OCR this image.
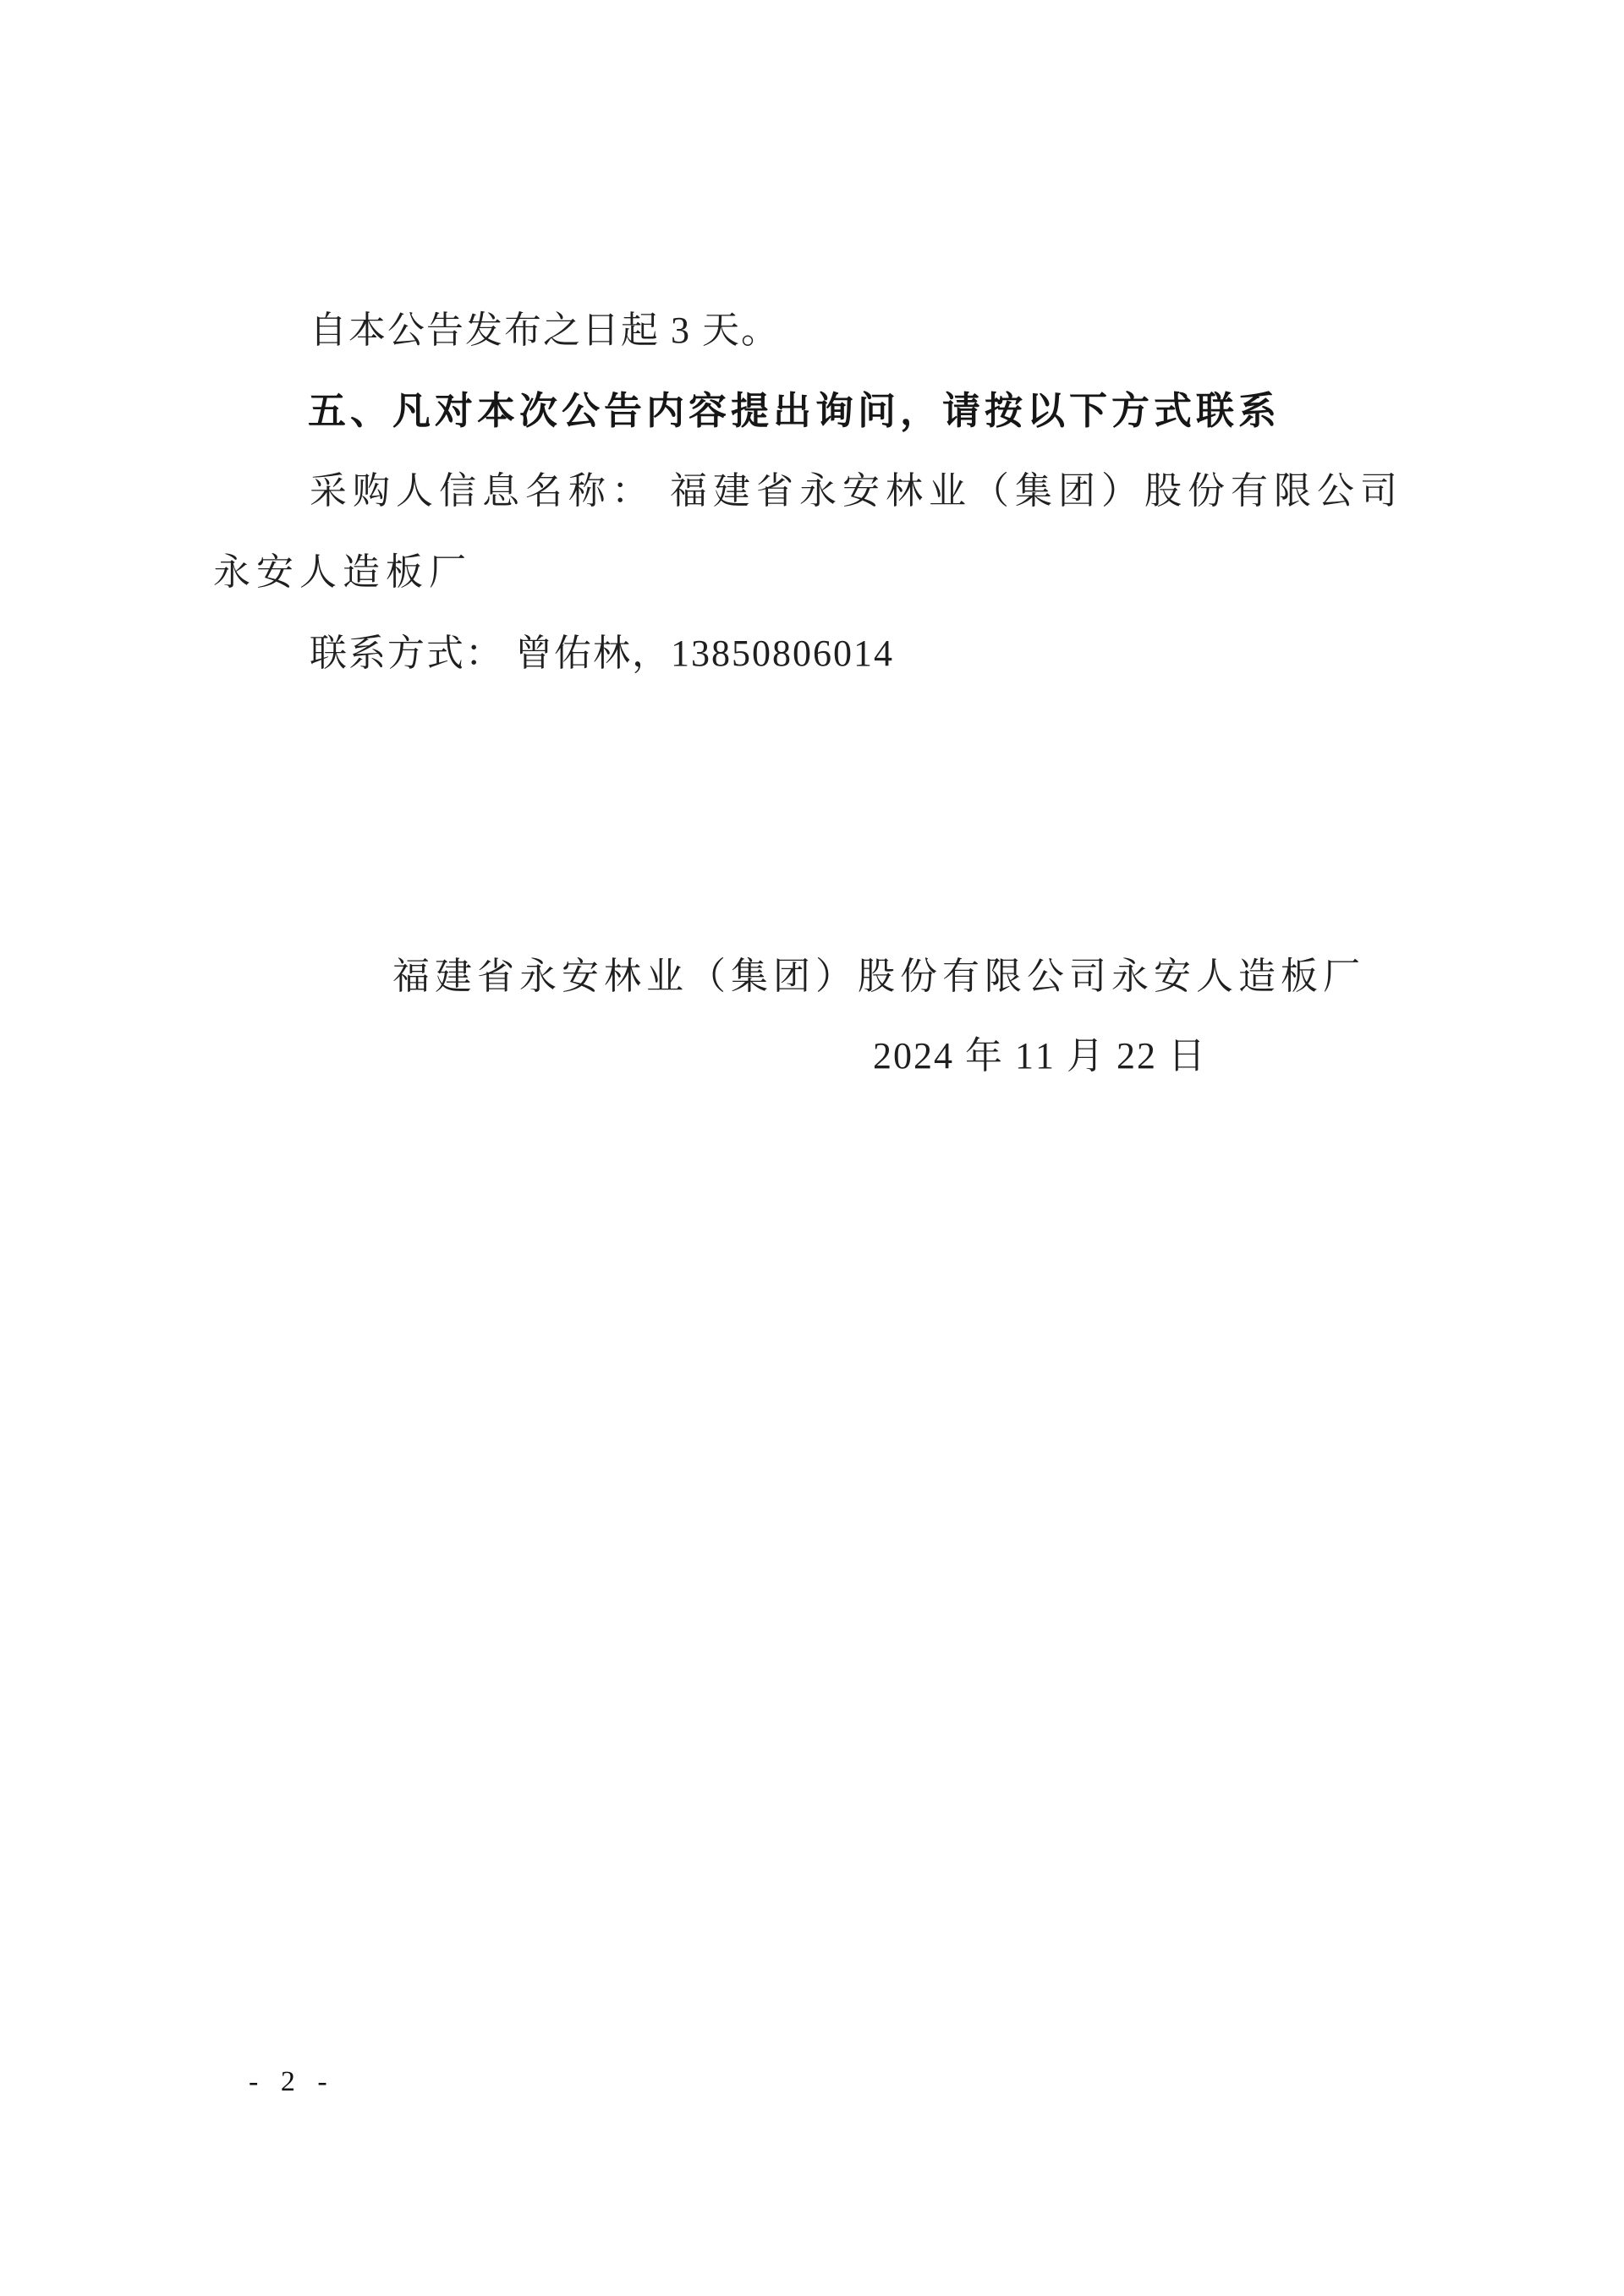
自本公告发布之日起 3 天。
五、凡对本次公告内容提出询问，请按以下方式联系
采购人信息名称： 福建省永安林业（集团）股份有限公司
永安人造板厂
联系方式： 曾佑林，13850806014
福建省永安林业（集团）股份有限公司永安人造板厂
2024 年 11 月 22 日
- 2 -
